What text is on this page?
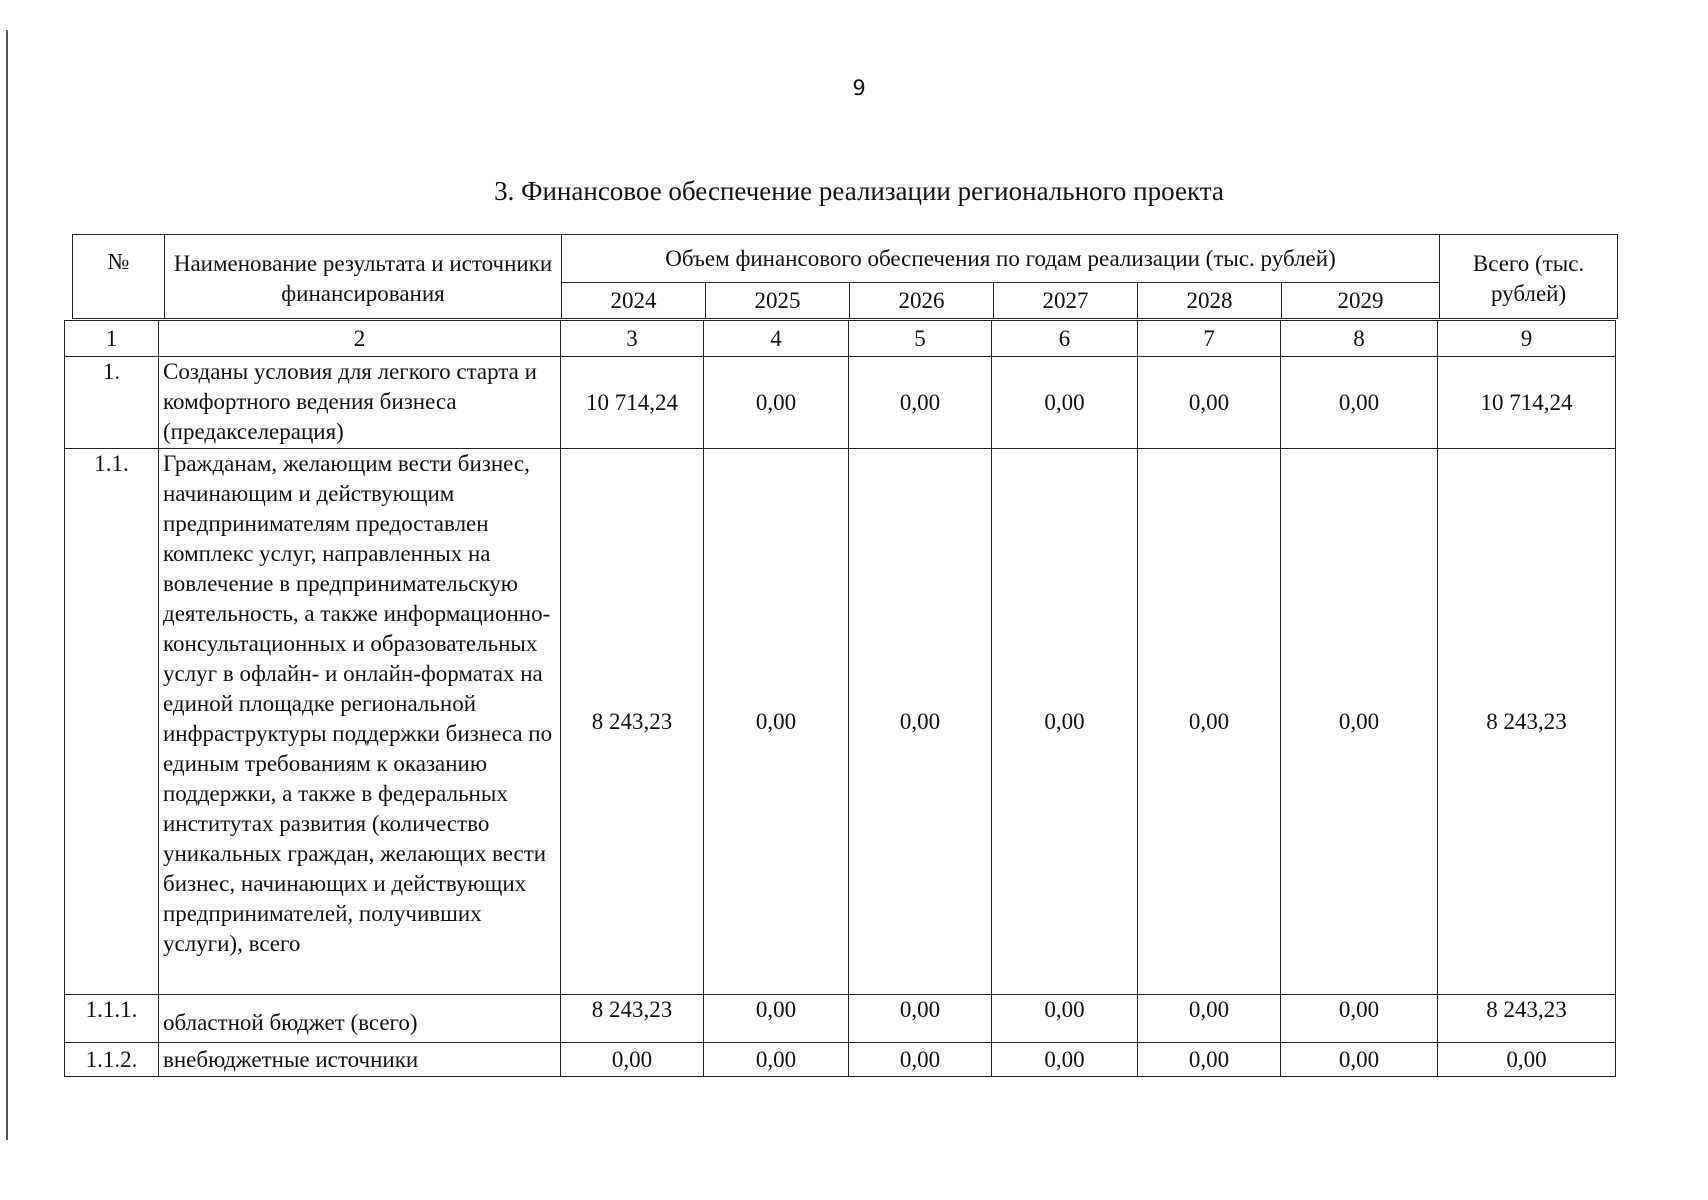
9
3. Финансовое обеспечение реализации регионального проекта
№	Наименование результата и источники финансирования	Объем финансового обеспечения по годам реализации (тыс. рублей)						Всего (тыс. рублей)
		2024	2025	2026	2027	2028	2029	
1	2	3	4	5	6	7	8	9
1.	Созданы условия для легкого старта и комфортного ведения бизнеса (предакселерация)	10 714,24	0,00	0,00	0,00	0,00	0,00	10 714,24
1.1.	Гражданам, желающим вести бизнес, начинающим и действующим предпринимателям предоставлен комплекс услуг, направленных на вовлечение в предпринимательскую деятельность, а также информационно-консультационных и образовательных услуг в офлайн- и онлайн-форматах на единой площадке региональной инфраструктуры поддержки бизнеса по единым требованиям к оказанию поддержки, а также в федеральных институтах развития (количество уникальных граждан, желающих вести бизнес, начинающих и действующих предпринимателей, получивших услуги), всего	8 243,23	0,00	0,00	0,00	0,00	0,00	8 243,23
1.1.1.	областной бюджет (всего)	8 243,23	0,00	0,00	0,00	0,00	0,00	8 243,23
1.1.2.	внебюджетные источники	0,00	0,00	0,00	0,00	0,00	0,00	0,00
